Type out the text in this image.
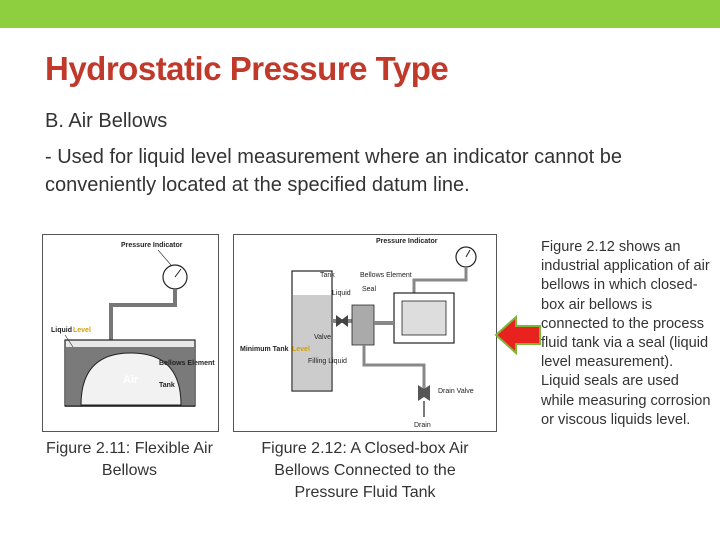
Hydrostatic Pressure Type
B. Air Bellows
- Used for liquid level measurement where an indicator cannot be conveniently located at the specified datum line.
Pressure Indicator
Liquid Level
Air
Bellows Element
Tank
Pressure Indicator
Tank	Bellows Element
Liquid
Seal
Valve
Minimum Tank Level
Filling Liquid
Drain Valve
Drain
Figure 2.11: Flexible Air Bellows
Figure 2.12: A Closed-box Air Bellows Connected to the Pressure Fluid Tank
Figure 2.12 shows an industrial application of air bellows in which closed-box air bellows is connected to the process fluid tank via a seal (liquid level measurement). Liquid seals are used while measuring corrosion or viscous liquids level.
